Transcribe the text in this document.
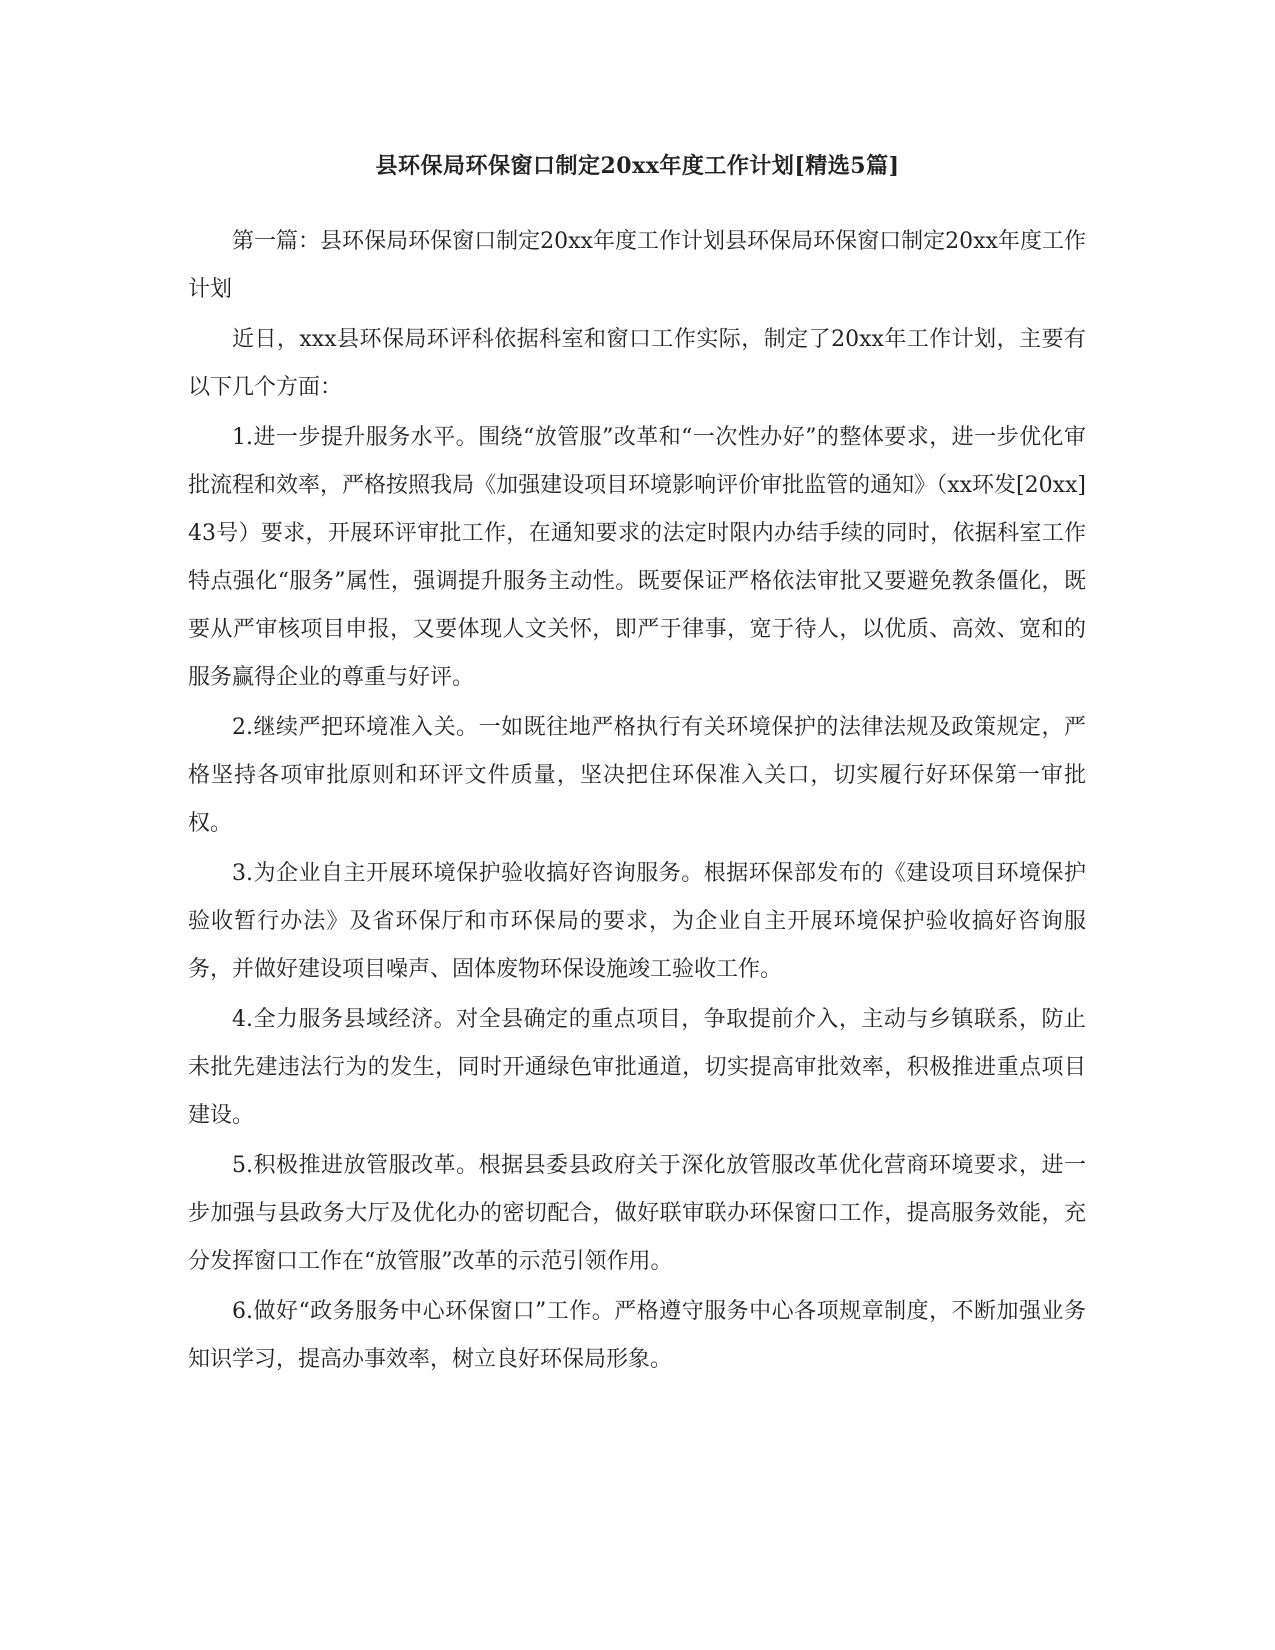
县环保局环保窗口制定20xx年度工作计划[精选5篇]

第一篇：县环保局环保窗口制定20xx年度工作计划县环保局环保窗口制定20xx年度工作计划

近日，xxx县环保局环评科依据科室和窗口工作实际，制定了20xx年工作计划，主要有以下几个方面：

1.进一步提升服务水平。围绕“放管服”改革和“一次性办好”的整体要求，进一步优化审批流程和效率，严格按照我局《加强建设项目环境影响评价审批监管的通知》（xx环发[20xx]43号）要求，开展环评审批工作，在通知要求的法定时限内办结手续的同时，依据科室工作特点强化“服务”属性，强调提升服务主动性。既要保证严格依法审批又要避免教条僵化，既要从严审核项目申报，又要体现人文关怀，即严于律事，宽于待人，以优质、高效、宽和的服务赢得企业的尊重与好评。

2.继续严把环境准入关。一如既往地严格执行有关环境保护的法律法规及政策规定，严格坚持各项审批原则和环评文件质量，坚决把住环保准入关口，切实履行好环保第一审批权。

3.为企业自主开展环境保护验收搞好咨询服务。根据环保部发布的《建设项目环境保护验收暂行办法》及省环保厅和市环保局的要求，为企业自主开展环境保护验收搞好咨询服务，并做好建设项目噪声、固体废物环保设施竣工验收工作。

4.全力服务县域经济。对全县确定的重点项目，争取提前介入，主动与乡镇联系，防止未批先建违法行为的发生，同时开通绿色审批通道，切实提高审批效率，积极推进重点项目建设。

5.积极推进放管服改革。根据县委县政府关于深化放管服改革优化营商环境要求，进一步加强与县政务大厅及优化办的密切配合，做好联审联办环保窗口工作，提高服务效能，充分发挥窗口工作在“放管服”改革的示范引领作用。

6.做好“政务服务中心环保窗口”工作。严格遵守服务中心各项规章制度，不断加强业务知识学习，提高办事效率，树立良好环保局形象。
